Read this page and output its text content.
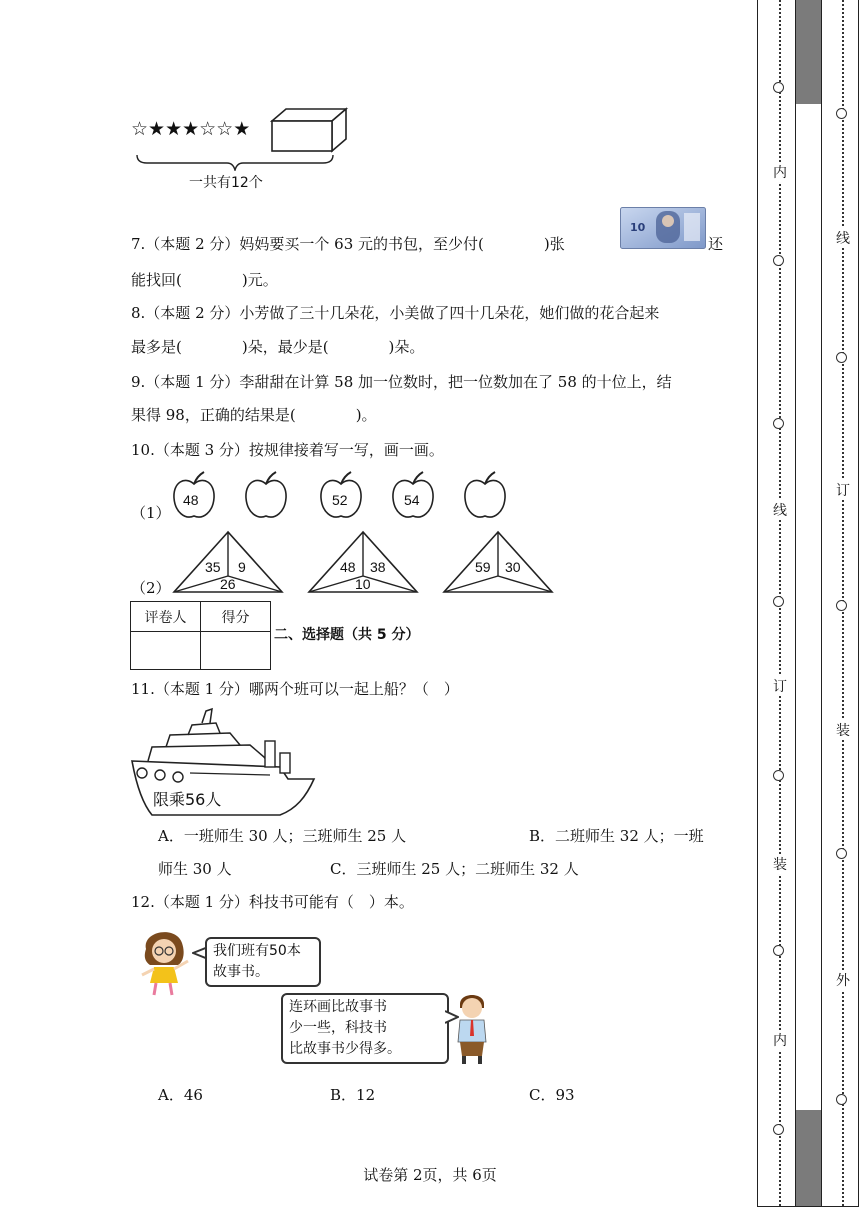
☆★★★☆☆★
一共有12个
7.（本题 2 分）妈妈要买一个 63 元的书包，至少付(　　　　)张
10
还
能找回(　　　　)元。
8.（本题 2 分）小芳做了三十几朵花，小美做了四十几朵花，她们做的花合起来
最多是(　　　　)朵，最少是(　　　　)朵。
9.（本题 1 分）李甜甜在计算 58 加一位数时，把一位数加在了 58 的十位上，结
果得 98，正确的结果是(　　　　)。
10.（本题 3 分）按规律接着写一写，画一画。
（1）
48	52	54
（2）
35 9
26
48 38
10
59 30
评卷人	得分

二、选择题（共 5 分）
11.（本题 1 分）哪两个班可以一起上船？（　）
限乘56人
A．一班师生 30 人；三班师生 25 人	B．二班师生 32 人；一班
师生 30 人	C．三班师生 25 人；二班师生 32 人
12.（本题 1 分）科技书可能有（　）本。
我们班有50本
故事书。
连环画比故事书
少一些，科技书
比故事书少得多。
A．46	B．12	C．93
试卷第 2页，共 6页
内
线
订
装
内
线
订
装
外
